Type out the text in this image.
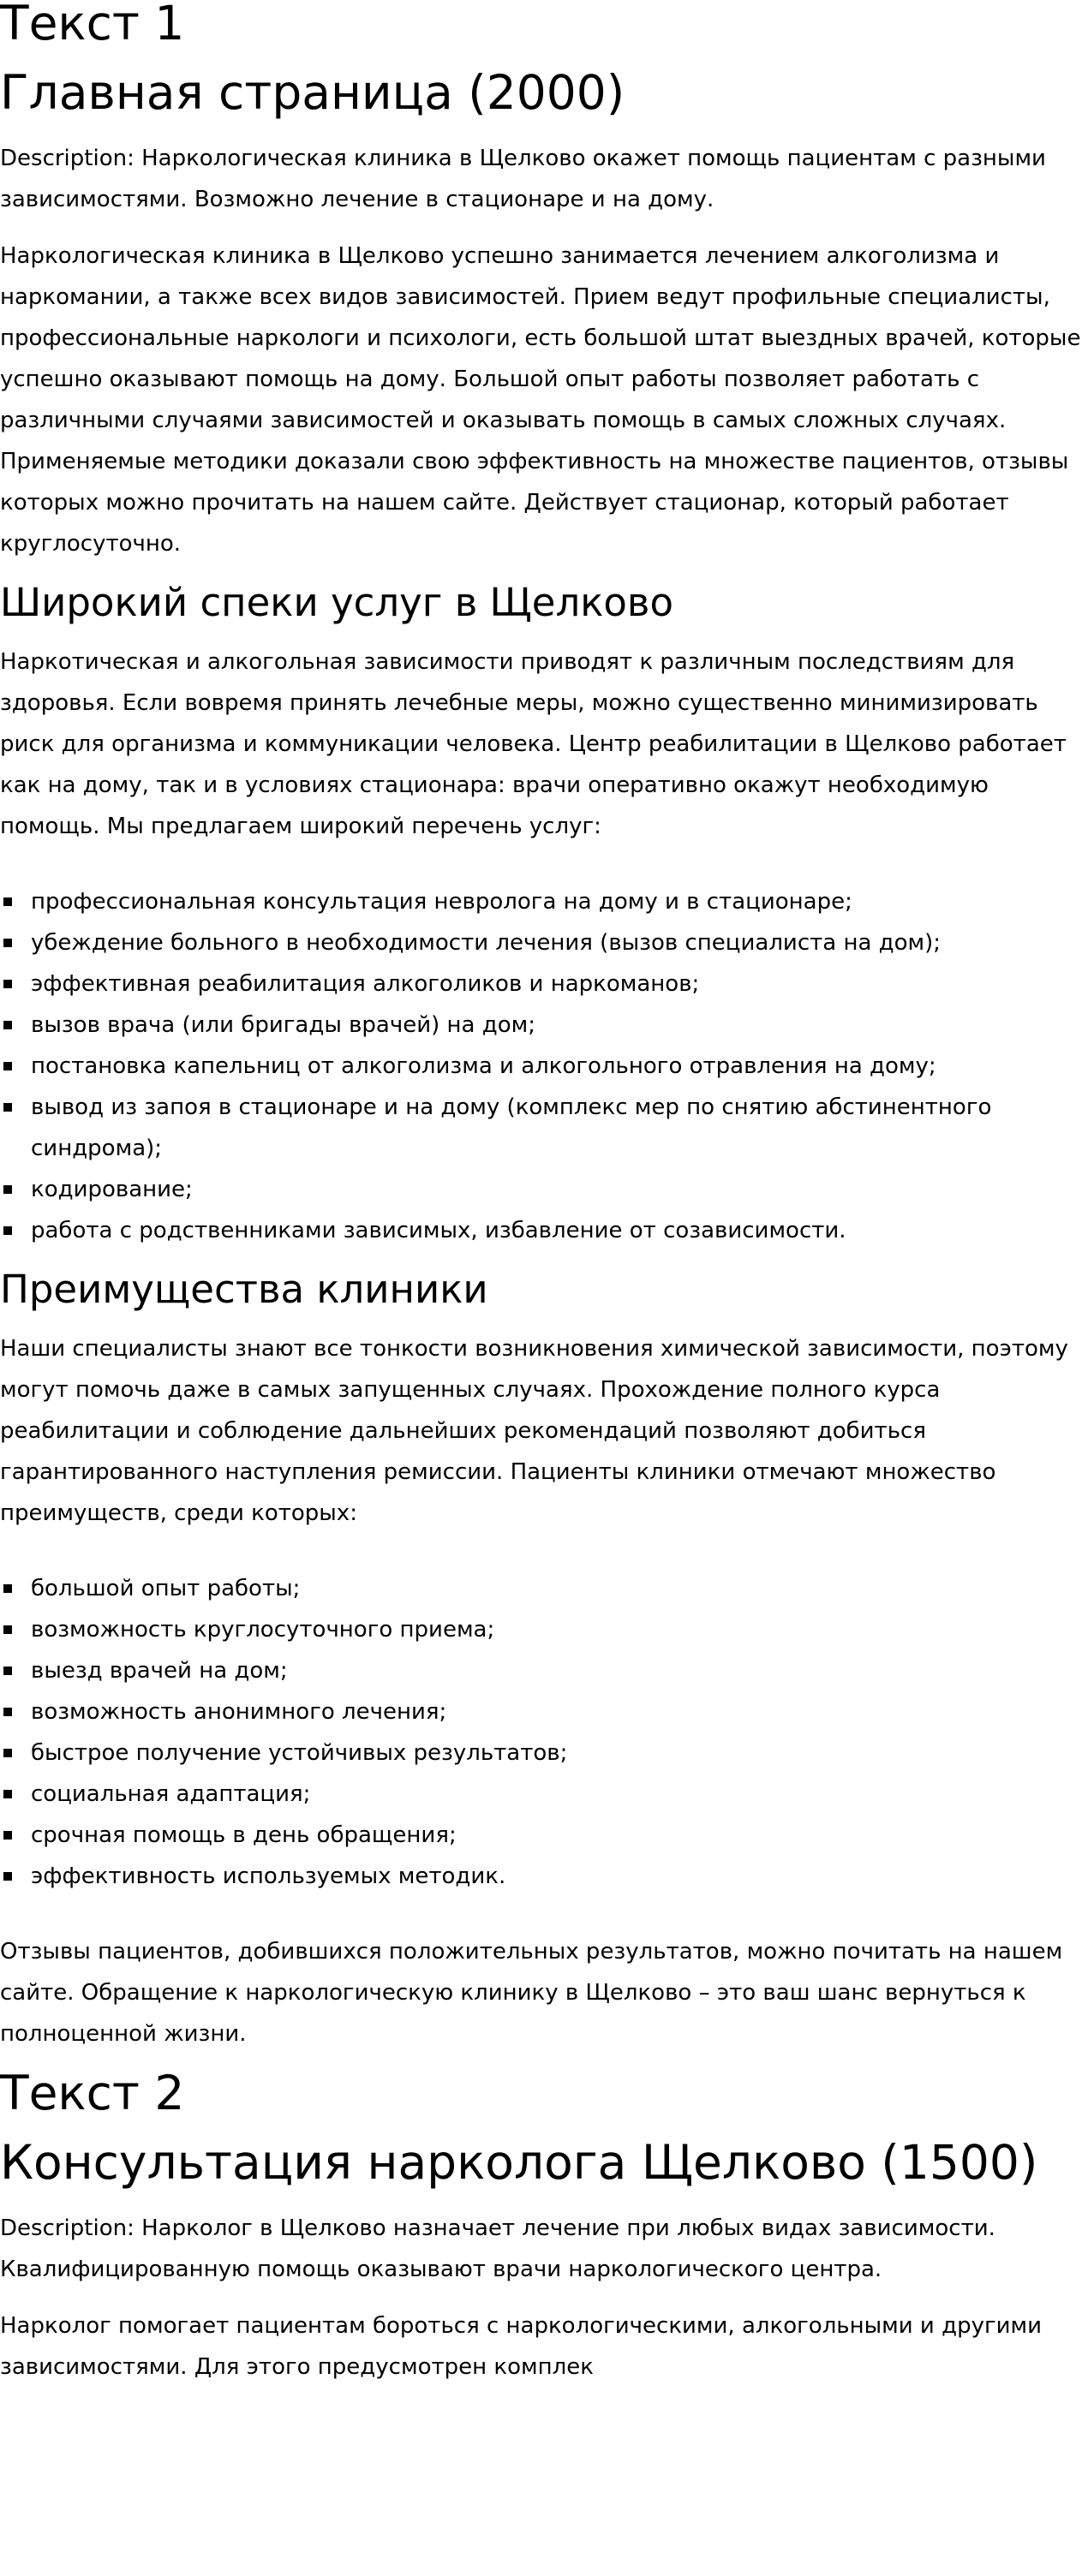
Текст 1
Главная страница (2000)

Description: Наркологическая клиника в Щелково окажет помощь пациентам с разными зависимостями. Возможно лечение в стационаре и на дому.

Наркологическая клиника в Щелково успешно занимается лечением алкоголизма и наркомании, а также всех видов зависимостей. Прием ведут профильные специалисты, профессиональные наркологи и психологи, есть большой штат выездных врачей, которые успешно оказывают помощь на дому. Большой опыт работы позволяет работать с различными случаями зависимостей и оказывать помощь в самых сложных случаях. Применяемые методики доказали свою эффективность на множестве пациентов, отзывы которых можно прочитать на нашем сайте. Действует стационар, который работает круглосуточно.

Широкий спеки услуг в Щелково

Наркотическая и алкогольная зависимости приводят к различным последствиям для здоровья. Если вовремя принять лечебные меры, можно существенно минимизировать риск для организма и коммуникации человека. Центр реабилитации в Щелково работает как на дому, так и в условиях стационара: врачи оперативно окажут необходимую помощь. Мы предлагаем широкий перечень услуг:

профессиональная консультация невролога на дому и в стационаре;
убеждение больного в необходимости лечения (вызов специалиста на дом);
эффективная реабилитация алкоголиков и наркоманов;
вызов врача (или бригады врачей) на дом;
постановка капельниц от алкоголизма и алкогольного отравления на дому;
вывод из запоя в стационаре и на дому (комплекс мер по снятию абстинентного синдрома);
кодирование;
работа с родственниками зависимых, избавление от созависимости.
Преимущества клиники

Наши специалисты знают все тонкости возникновения химической зависимости, поэтому могут помочь даже в самых запущенных случаях. Прохождение полного курса реабилитации и соблюдение дальнейших рекомендаций позволяют добиться гарантированного наступления ремиссии. Пациенты клиники отмечают множество преимуществ, среди которых:

большой опыт работы;
возможность круглосуточного приема;
выезд врачей на дом;
возможность анонимного лечения;
быстрое получение устойчивых результатов;
социальная адаптация;
срочная помощь в день обращения;
эффективность используемых методик.

Отзывы пациентов, добившихся положительных результатов, можно почитать на нашем сайте. Обращение к наркологическую клинику в Щелково – это ваш шанс вернуться к полноценной жизни.

Текст 2
Консультация нарколога Щелково (1500)

Description: Нарколог в Щелково назначает лечение при любых видах зависимости. Квалифицированную помощь оказывают врачи наркологического центра.

Нарколог помогает пациентам бороться с наркологическими, алкогольными и другими зависимостями. Для этого предусмотрен комплек
